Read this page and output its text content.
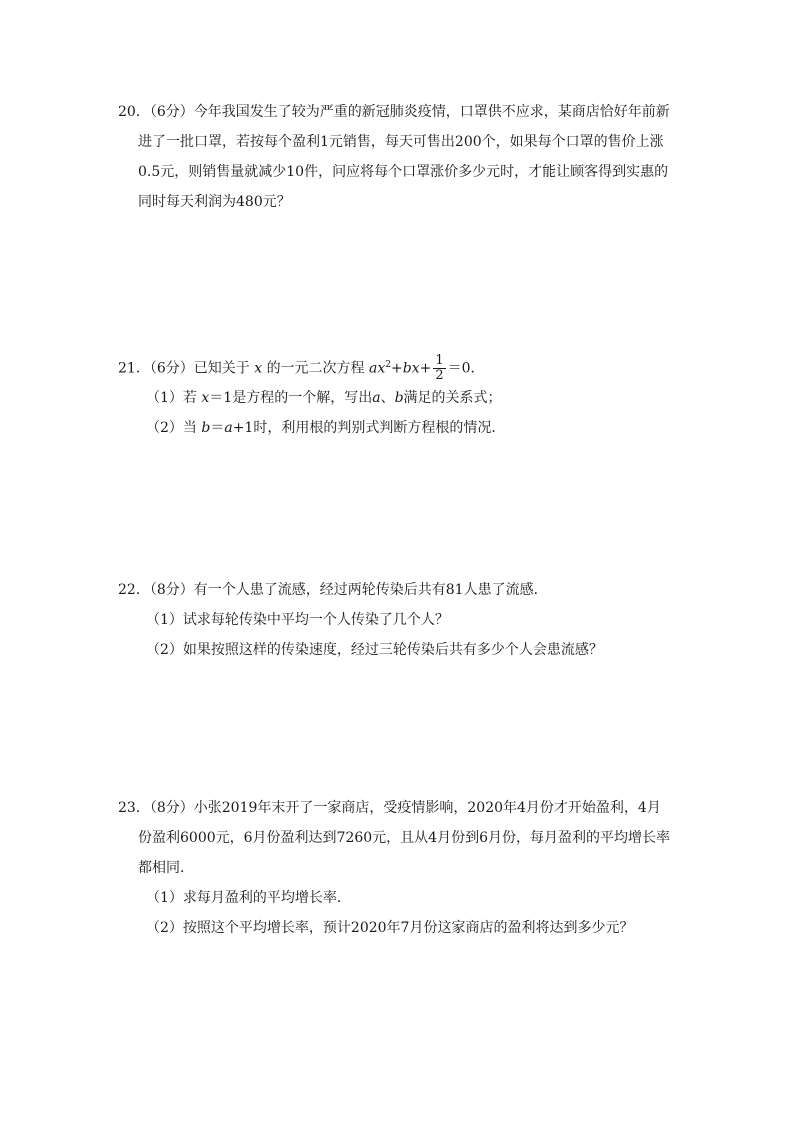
20．（6分）今年我国发生了较为严重的新冠肺炎疫情，口罩供不应求，某商店恰好年前新
进了一批口罩，若按每个盈利1元销售，每天可售出200个，如果每个口罩的售价上涨
0.5元，则销售量就减少10件，问应将每个口罩涨价多少元时，才能让顾客得到实惠的
同时每天利润为480元？
21．（6分）已知关于 x 的一元二次方程 $ax^2+bx+ \frac{1}{2} =0$．
（1）若 x＝1是方程的一个解，写出a、b满足的关系式；
（2）当 b＝a+1时，利用根的判别式判断方程根的情况．
22．（8分）有一个人患了流感，经过两轮传染后共有81人患了流感．
（1）试求每轮传染中平均一个人传染了几个人？
（2）如果按照这样的传染速度，经过三轮传染后共有多少个人会患流感？
23．（8分）小张2019年末开了一家商店，受疫情影响，2020年4月份才开始盈利，4月
份盈利6000元，6月份盈利达到7260元，且从4月份到6月份，每月盈利的平均增长率
都相同．
（1）求每月盈利的平均增长率．
（2）按照这个平均增长率，预计2020年7月份这家商店的盈利将达到多少元？
